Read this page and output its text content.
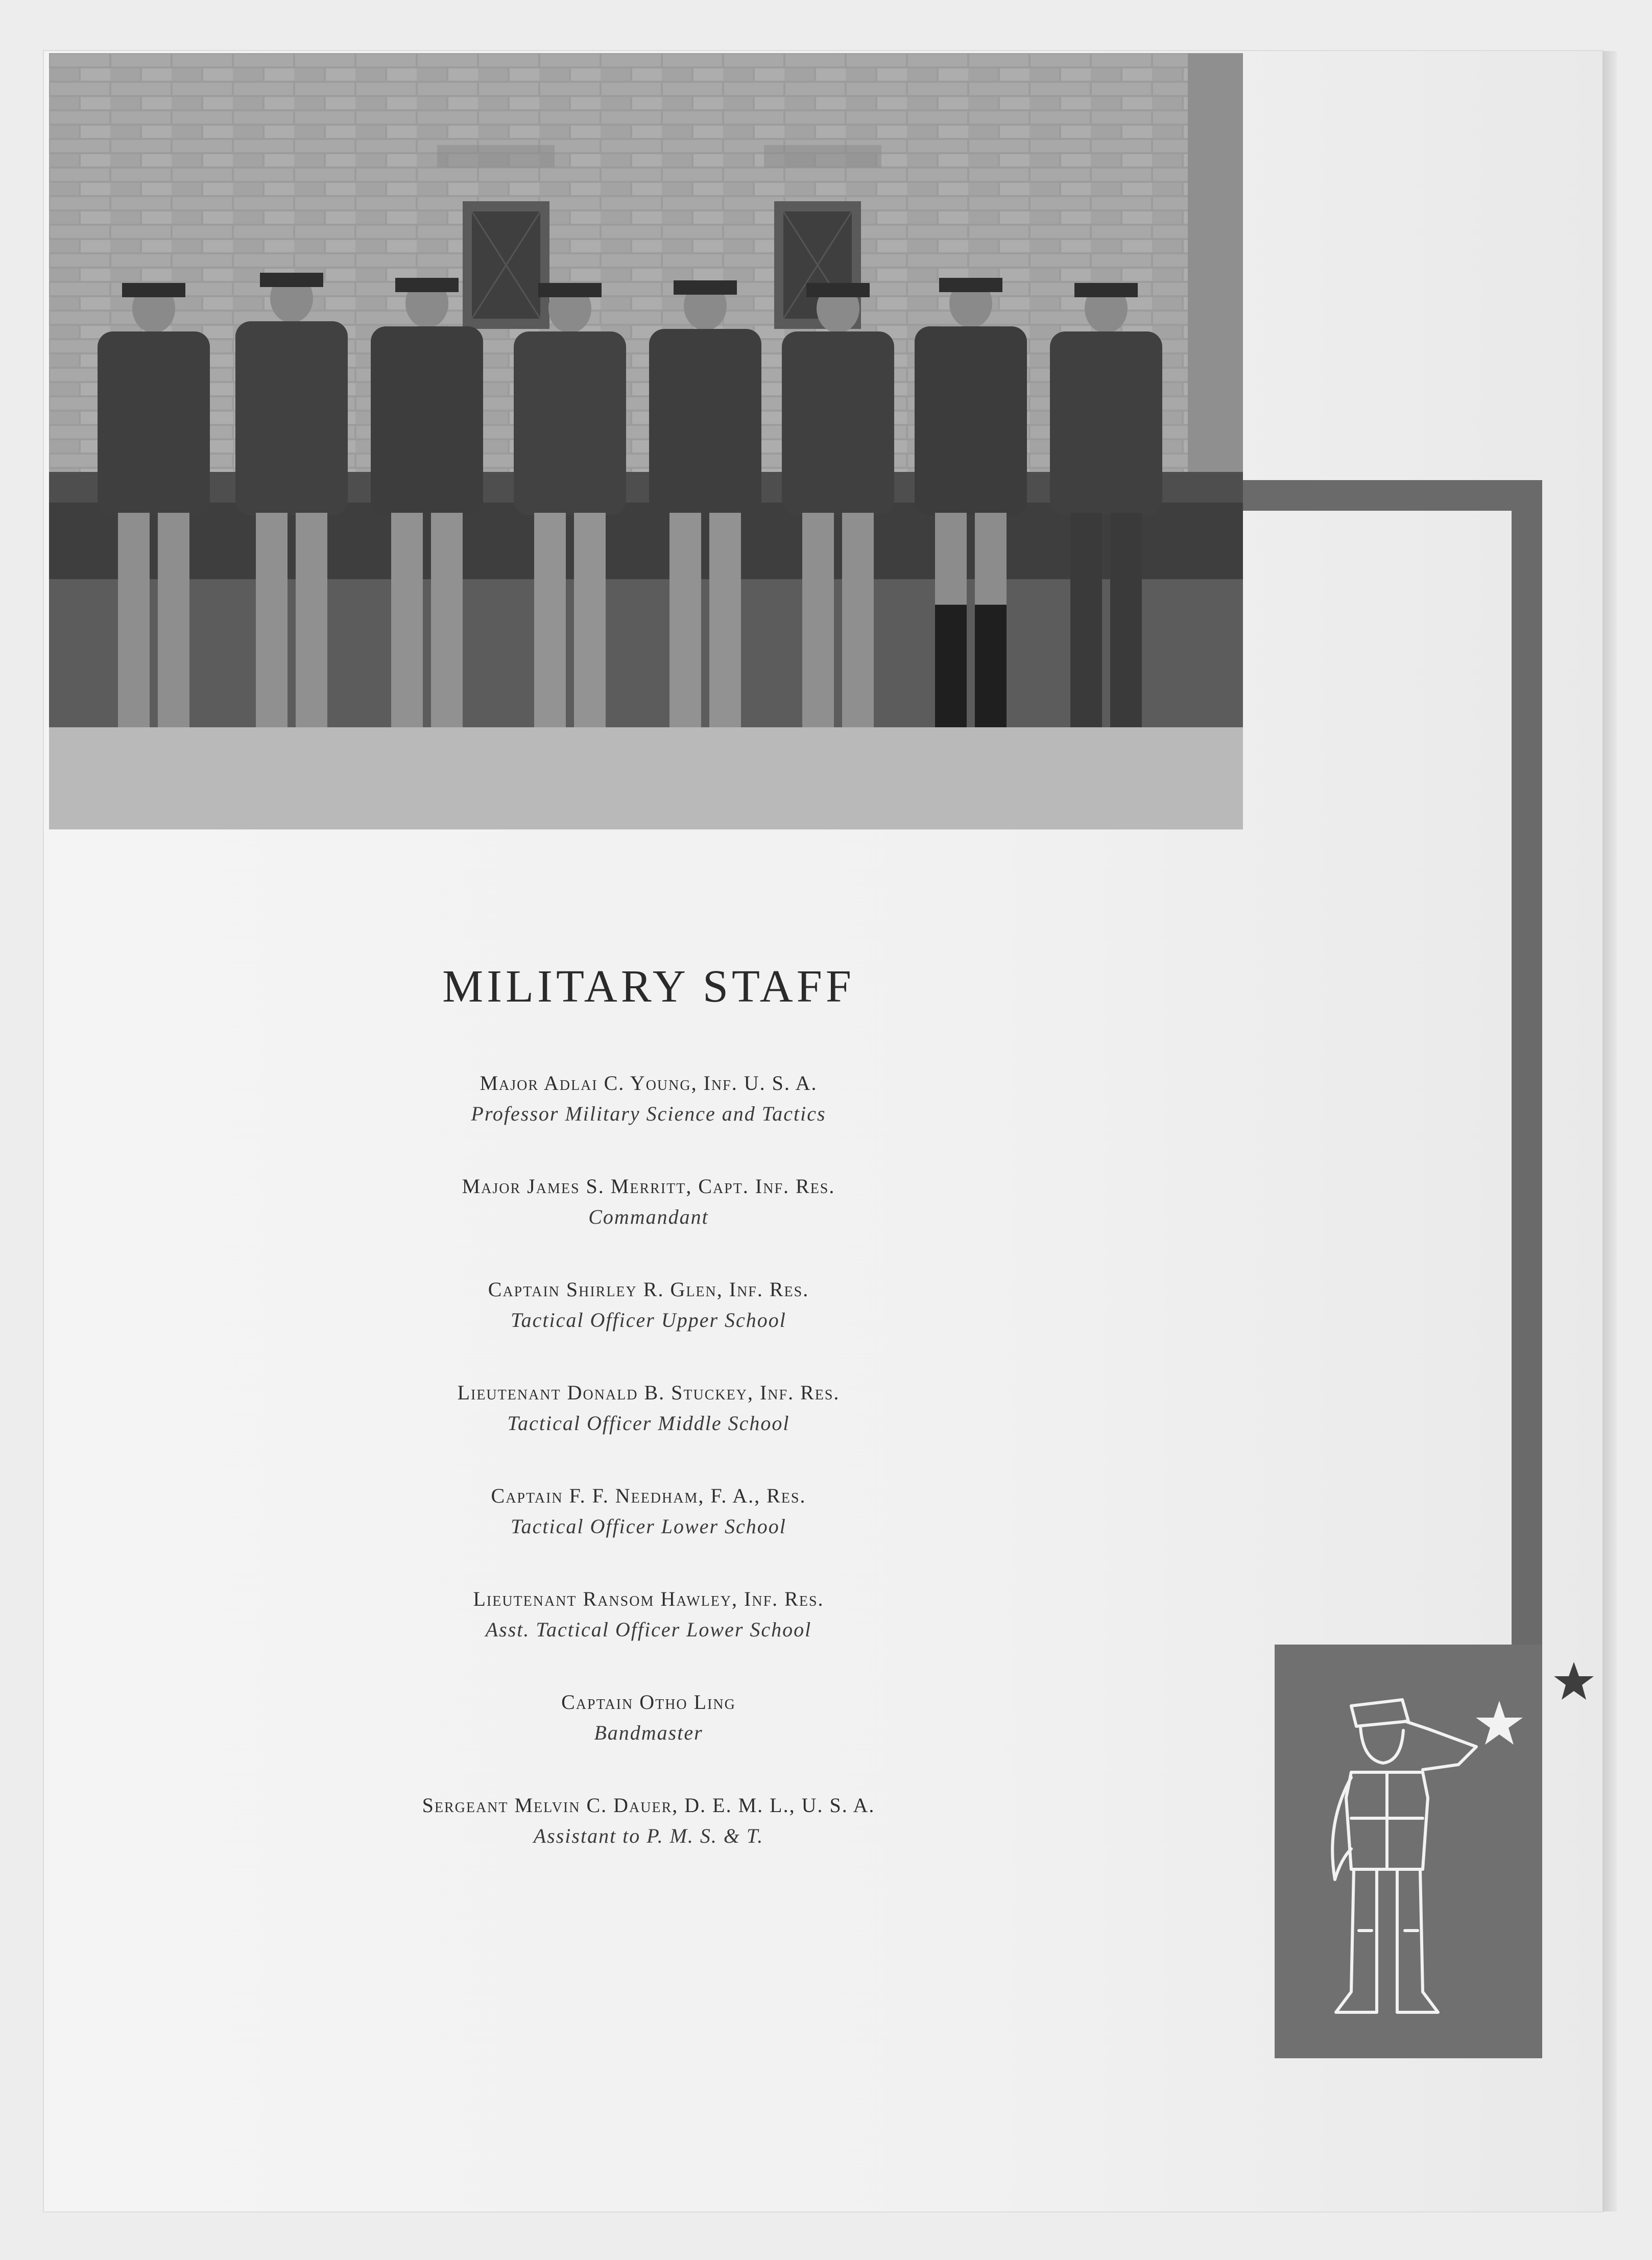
MILITARY STAFF
Major Adlai C. Young, Inf. U. S. A.
Professor Military Science and Tactics
Major James S. Merritt, Capt. Inf. Res.
Commandant
Captain Shirley R. Glen, Inf. Res.
Tactical Officer Upper School
Lieutenant Donald B. Stuckey, Inf. Res.
Tactical Officer Middle School
Captain F. F. Needham, F. A., Res.
Tactical Officer Lower School
Lieutenant Ransom Hawley, Inf. Res.
Asst. Tactical Officer Lower School
Captain Otho Ling
Bandmaster
Sergeant Melvin C. Dauer, D. E. M. L., U. S. A.
Assistant to P. M. S. & T.
